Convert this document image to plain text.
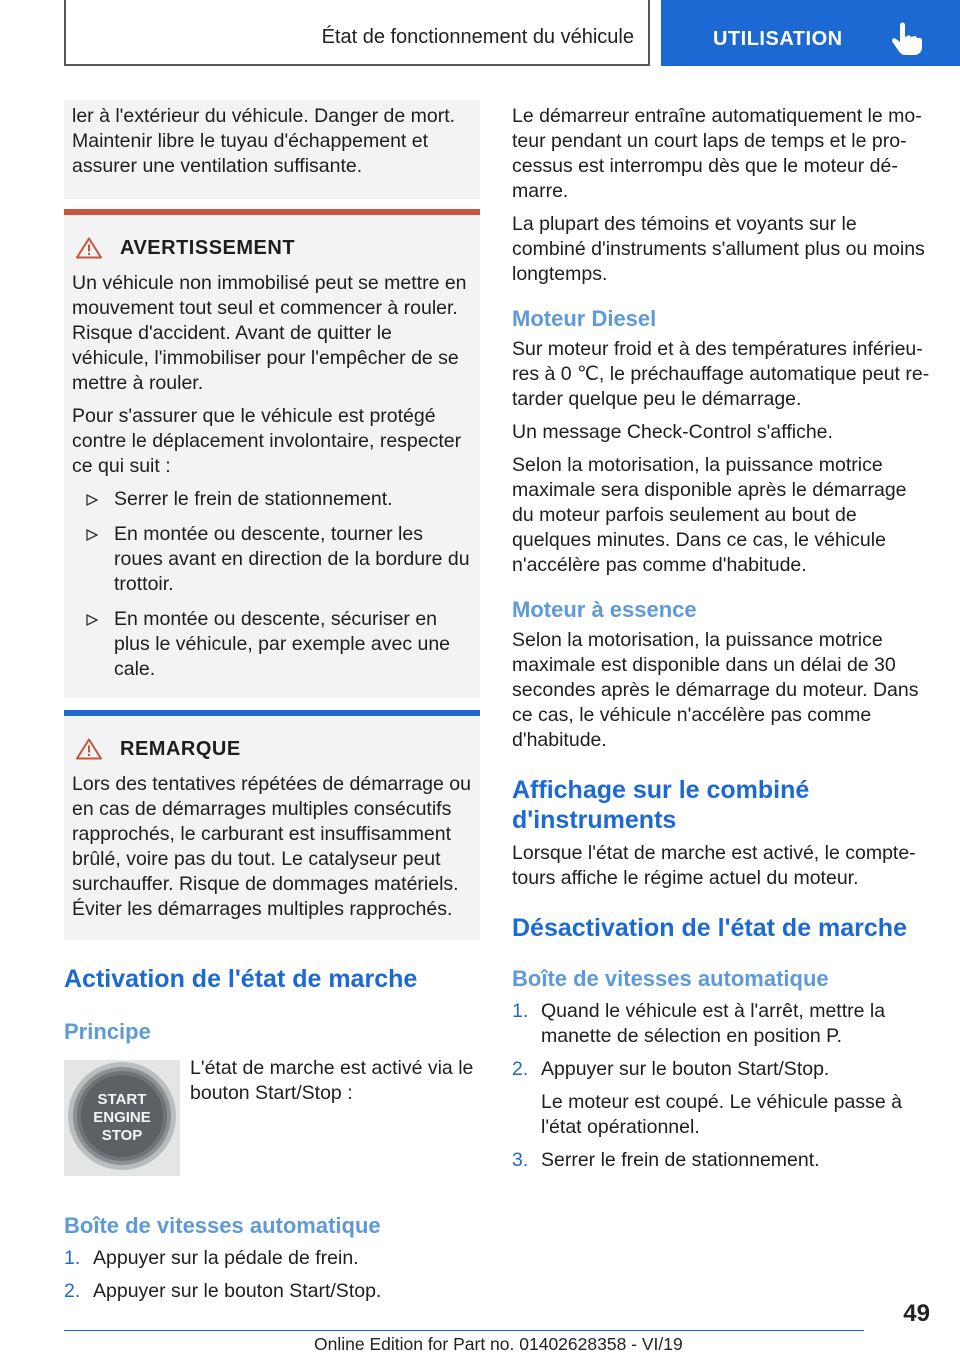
État de fonctionnement du véhicule	UTILISATION

ler à l'extérieur du véhicule. Danger de mort. Maintenir libre le tuyau d'échappement et assurer une ventilation suffisante.

AVERTISSEMENT

Un véhicule non immobilisé peut se mettre en mouvement tout seul et commencer à rouler. Risque d'accident. Avant de quitter le véhicule, l'immobiliser pour l'empêcher de se mettre à rouler.

Pour s'assurer que le véhicule est protégé contre le déplacement involontaire, respecter ce qui suit :

Serrer le frein de stationnement.
En montée ou descente, tourner les roues avant en direction de la bordure du trottoir.
En montée ou descente, sécuriser en plus le véhicule, par exemple avec une cale.
REMARQUE

Lors des tentatives répétées de démarrage ou en cas de démarrages multiples consécutifs rapprochés, le carburant est insuffisamment brûlé, voire pas du tout. Le catalyseur peut surchauffer. Risque de dommages matériels. Éviter les démarrages multiples rapprochés.

Activation de l'état de marche
Principe
START
ENGINE
STOP

L'état de marche est activé via le bouton Start/Stop :

Boîte de vitesses automatique
1. Appuyer sur la pédale de frein.
2. Appuyer sur le bouton Start/Stop.

Le démarreur entraîne automatiquement le moteur pendant un court laps de temps et le processus est interrompu dès que le moteur démarre.

La plupart des témoins et voyants sur le combiné d'instruments s'allument plus ou moins longtemps.

Moteur Diesel

Sur moteur froid et à des températures inférieures à 0 ℃, le préchauffage automatique peut retarder quelque peu le démarrage.

Un message Check-Control s'affiche.

Selon la motorisation, la puissance motrice maximale sera disponible après le démarrage du moteur parfois seulement au bout de quelques minutes. Dans ce cas, le véhicule n'accélère pas comme d'habitude.

Moteur à essence

Selon la motorisation, la puissance motrice maximale est disponible dans un délai de 30 secondes après le démarrage du moteur. Dans ce cas, le véhicule n'accélère pas comme d'habitude.

Affichage sur le combiné d'instruments

Lorsque l'état de marche est activé, le compte-tours affiche le régime actuel du moteur.

Désactivation de l'état de marche
Boîte de vitesses automatique
1. Quand le véhicule est à l'arrêt, mettre la manette de sélection en position P.
2. Appuyer sur le bouton Start/Stop.
Le moteur est coupé. Le véhicule passe à l'état opérationnel.
3. Serrer le frein de stationnement.
49
Online Edition for Part no. 01402628358 - VI/19
